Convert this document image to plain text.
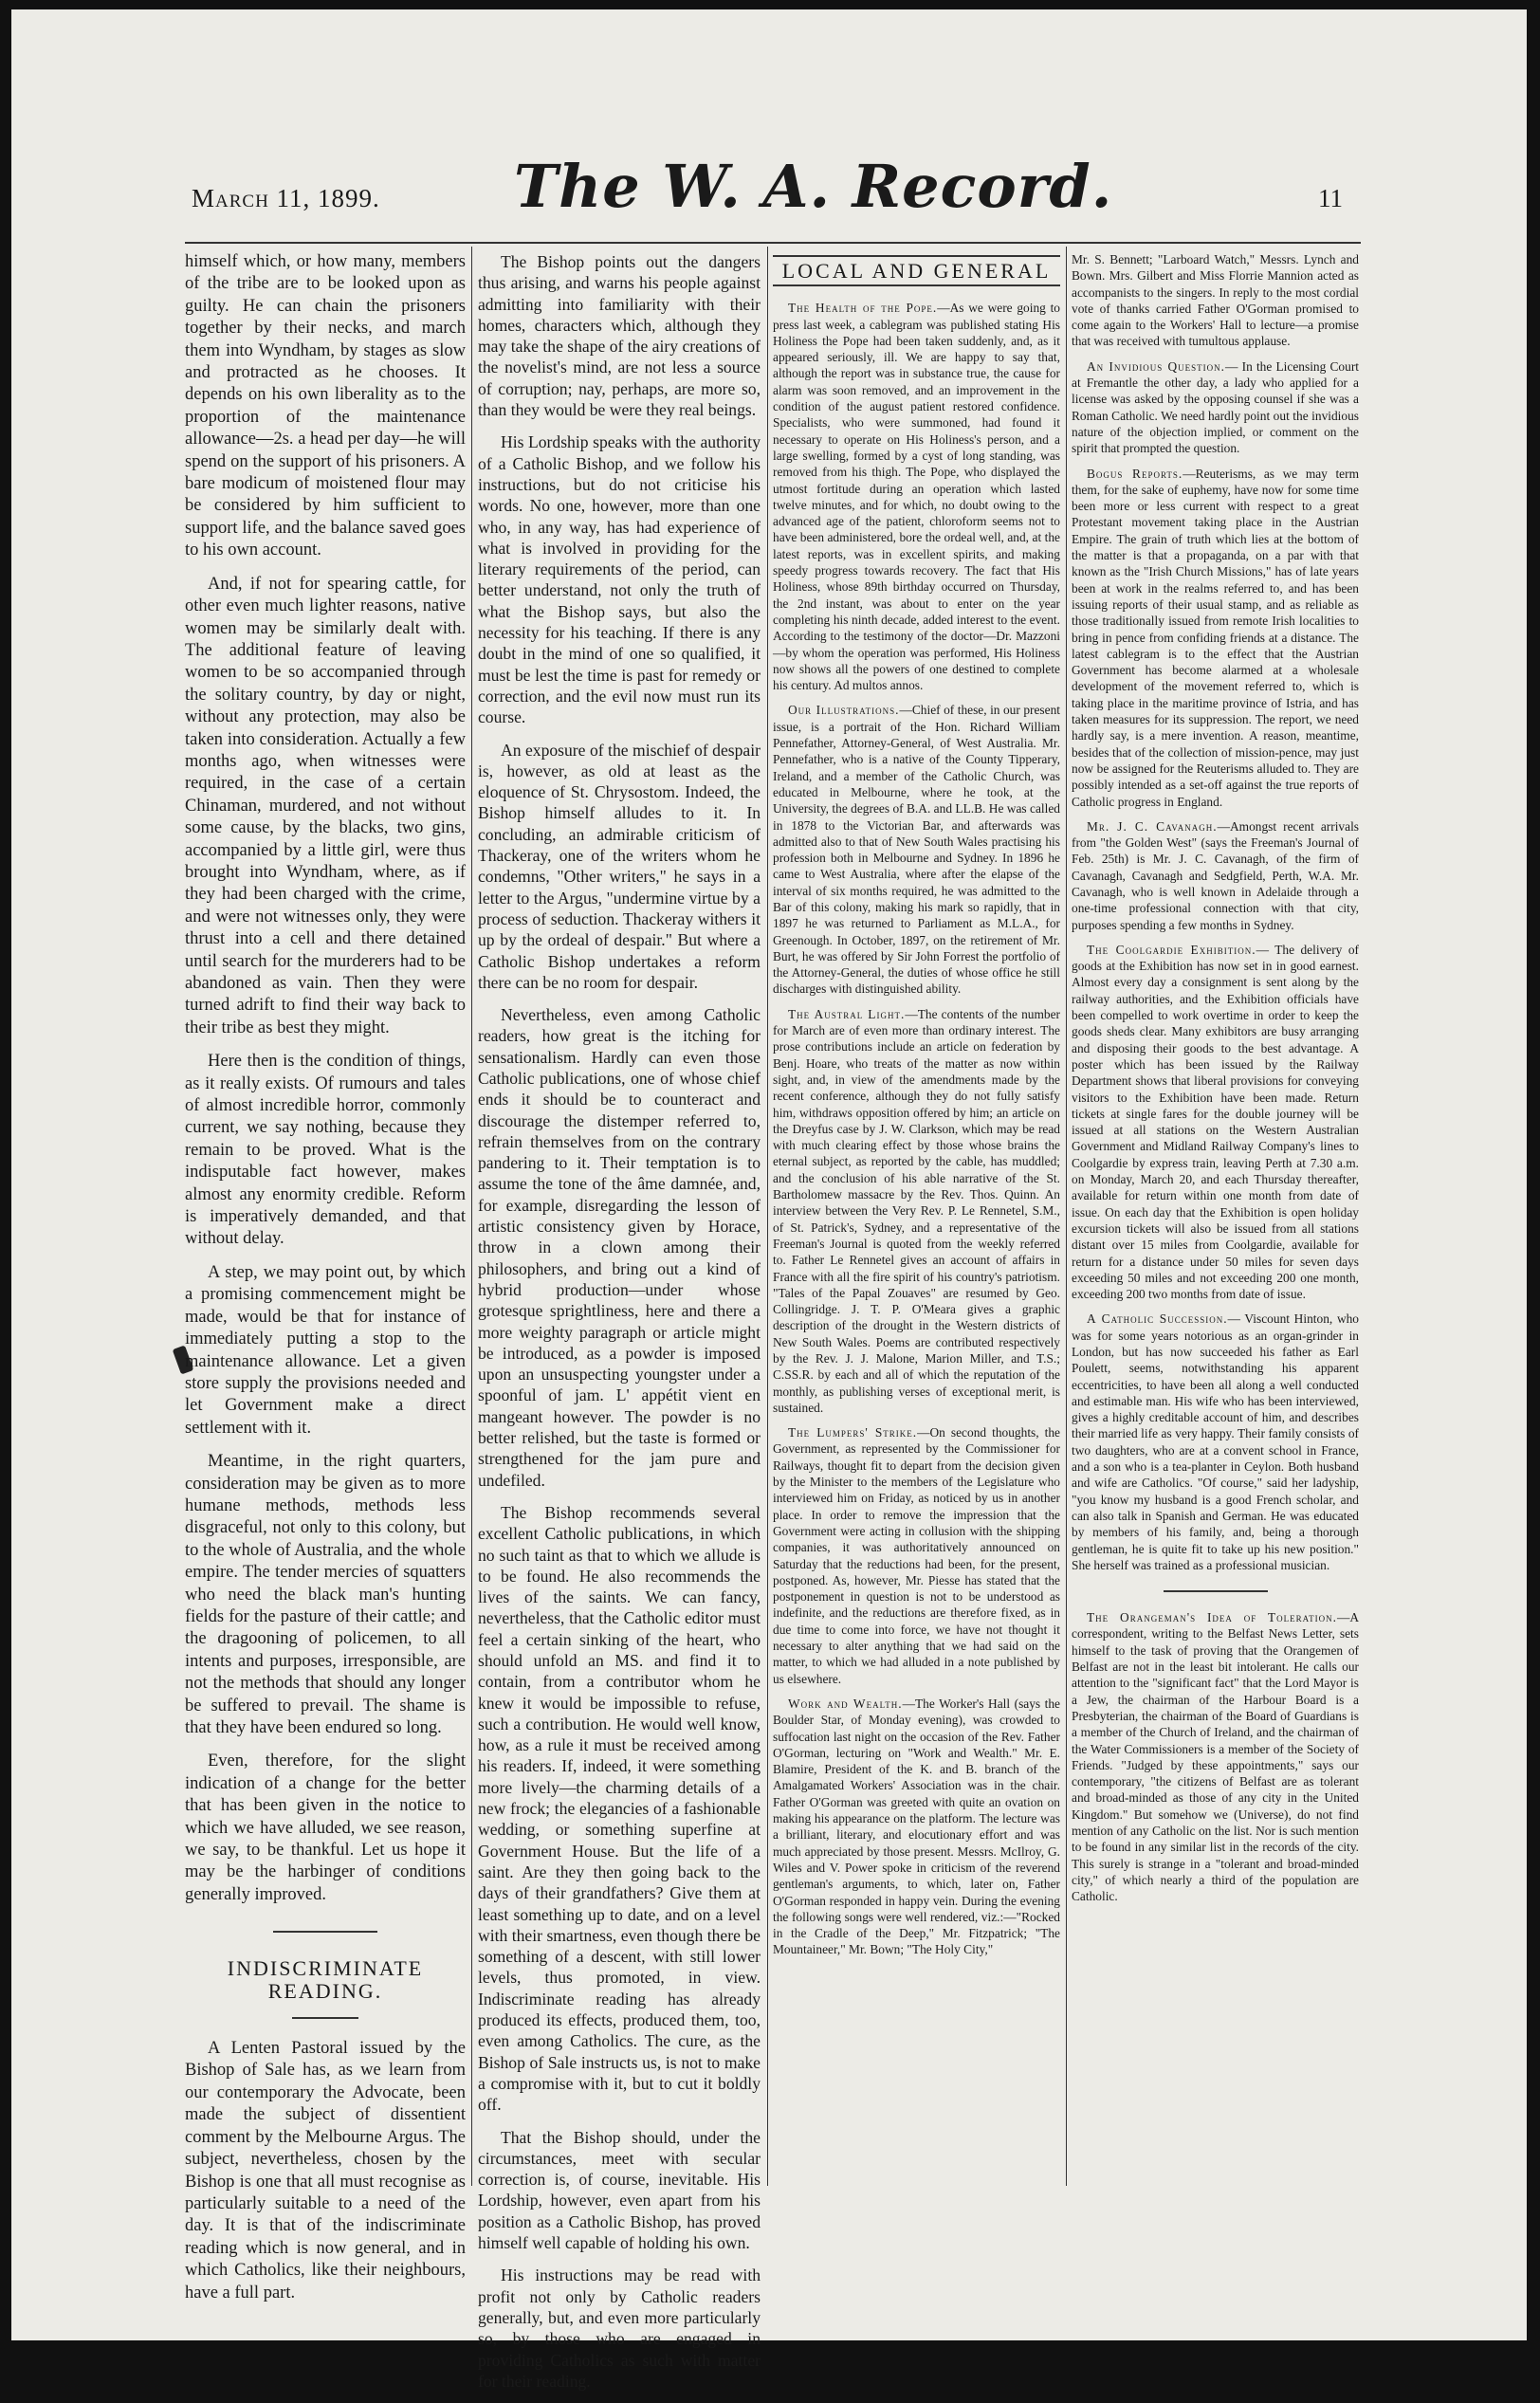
March 11, 1899. The W. A. Record.	11

himself which, or how many, members of the tribe are to be looked upon as guilty. He can chain the prisoners together by their necks, and march them into Wyndham, by stages as slow and protracted as he chooses. It depends on his own liberality as to the proportion of the maintenance allowance—2s. a head per day—he will spend on the support of his prisoners. A bare modicum of moistened flour may be considered by him sufficient to support life, and the balance saved goes to his own account.

And, if not for spearing cattle, for other even much lighter reasons, native women may be similarly dealt with. The additional feature of leaving women to be so accompanied through the solitary country, by day or night, without any protection, may also be taken into consideration. Actually a few months ago, when witnesses were required, in the case of a certain Chinaman, murdered, and not without some cause, by the blacks, two gins, accompanied by a little girl, were thus brought into Wyndham, where, as if they had been charged with the crime, and were not witnesses only, they were thrust into a cell and there detained until search for the murderers had to be abandoned as vain. Then they were turned adrift to find their way back to their tribe as best they might.

Here then is the condition of things, as it really exists. Of rumours and tales of almost incredible horror, commonly current, we say nothing, because they remain to be proved. What is the indisputable fact however, makes almost any enormity credible. Reform is imperatively demanded, and that without delay.

A step, we may point out, by which a promising commencement might be made, would be that for instance of immediately putting a stop to the maintenance allowance. Let a given store supply the provisions needed and let Government make a direct settlement with it.

Meantime, in the right quarters, consideration may be given as to more humane methods, methods less disgraceful, not only to this colony, but to the whole of Australia, and the whole empire. The tender mercies of squatters who need the black man's hunting fields for the pasture of their cattle; and the dragooning of policemen, to all intents and purposes, irresponsible, are not the methods that should any longer be suffered to prevail. The shame is that they have been endured so long.

Even, therefore, for the slight indication of a change for the better that has been given in the notice to which we have alluded, we see reason, we say, to be thankful. Let us hope it may be the harbinger of conditions generally improved.

INDISCRIMINATE READING.

A Lenten Pastoral issued by the Bishop of Sale has, as we learn from our contemporary the Advocate, been made the subject of dissentient comment by the Melbourne Argus. The subject, nevertheless, chosen by the Bishop is one that all must recognise as particularly suitable to a need of the day. It is that of the indiscriminate reading which is now general, and in which Catholics, like their neighbours, have a full part.

The Bishop points out the dangers thus arising, and warns his people against admitting into familiarity with their homes, characters which, although they may take the shape of the airy creations of the novelist's mind, are not less a source of corruption; nay, perhaps, are more so, than they would be were they real beings.

His Lordship speaks with the authority of a Catholic Bishop, and we follow his instructions, but do not criticise his words. No one, however, more than one who, in any way, has had experience of what is involved in providing for the literary requirements of the period, can better understand, not only the truth of what the Bishop says, but also the necessity for his teaching. If there is any doubt in the mind of one so qualified, it must be lest the time is past for remedy or correction, and the evil now must run its course.

An exposure of the mischief of despair is, however, as old at least as the eloquence of St. Chrysostom. Indeed, the Bishop himself alludes to it. In concluding, an admirable criticism of Thackeray, one of the writers whom he condemns, "Other writers," he says in a letter to the Argus, "undermine virtue by a process of seduction. Thackeray withers it up by the ordeal of despair." But where a Catholic Bishop undertakes a reform there can be no room for despair.

Nevertheless, even among Catholic readers, how great is the itching for sensationalism. Hardly can even those Catholic publications, one of whose chief ends it should be to counteract and discourage the distemper referred to, refrain themselves from on the contrary pandering to it. Their temptation is to assume the tone of the âme damnée, and, for example, disregarding the lesson of artistic consistency given by Horace, throw in a clown among their philosophers, and bring out a kind of hybrid production—under whose grotesque sprightliness, here and there a more weighty paragraph or article might be introduced, as a powder is imposed upon an unsuspecting youngster under a spoonful of jam. L' appétit vient en mangeant however. The powder is no better relished, but the taste is formed or strengthened for the jam pure and undefiled.

The Bishop recommends several excellent Catholic publications, in which no such taint as that to which we allude is to be found. He also recommends the lives of the saints. We can fancy, nevertheless, that the Catholic editor must feel a certain sinking of the heart, who should unfold an MS. and find it to contain, from a contributor whom he knew it would be impossible to refuse, such a contribution. He would well know, how, as a rule it must be received among his readers. If, indeed, it were something more lively—the charming details of a new frock; the elegancies of a fashionable wedding, or something superfine at Government House. But the life of a saint. Are they then going back to the days of their grandfathers? Give them at least something up to date, and on a level with their smartness, even though there be something of a descent, with still lower levels, thus promoted, in view. Indiscriminate reading has already produced its effects, produced them, too, even among Catholics. The cure, as the Bishop of Sale instructs us, is not to make a compromise with it, but to cut it boldly off.

That the Bishop should, under the circumstances, meet with secular correction is, of course, inevitable. His Lordship, however, even apart from his position as a Catholic Bishop, has proved himself well capable of holding his own.

His instructions may be read with profit not only by Catholic readers generally, but, and even more particularly so, by those who are engaged in providing Catholics as such with matter for their reading.

LOCAL AND GENERAL

The Health of the Pope.—As we were going to press last week, a cablegram was published stating His Holiness the Pope had been taken suddenly, and, as it appeared seriously, ill. We are happy to say that, although the report was in substance true, the cause for alarm was soon removed, and an improvement in the condition of the august patient restored confidence. Specialists, who were summoned, had found it necessary to operate on His Holiness's person, and a large swelling, formed by a cyst of long standing, was removed from his thigh. The Pope, who displayed the utmost fortitude during an operation which lasted twelve minutes, and for which, no doubt owing to the advanced age of the patient, chloroform seems not to have been administered, bore the ordeal well, and, at the latest reports, was in excellent spirits, and making speedy progress towards recovery. The fact that His Holiness, whose 89th birthday occurred on Thursday, the 2nd instant, was about to enter on the year completing his ninth decade, added interest to the event. According to the testimony of the doctor—Dr. Mazzoni—by whom the operation was performed, His Holiness now shows all the powers of one destined to complete his century. Ad multos annos.

Our Illustrations.—Chief of these, in our present issue, is a portrait of the Hon. Richard William Pennefather, Attorney-General, of West Australia. Mr. Pennefather, who is a native of the County Tipperary, Ireland, and a member of the Catholic Church, was educated in Melbourne, where he took, at the University, the degrees of B.A. and LL.B. He was called in 1878 to the Victorian Bar, and afterwards was admitted also to that of New South Wales practising his profession both in Melbourne and Sydney. In 1896 he came to West Australia, where after the elapse of the interval of six months required, he was admitted to the Bar of this colony, making his mark so rapidly, that in 1897 he was returned to Parliament as M.L.A., for Greenough. In October, 1897, on the retirement of Mr. Burt, he was offered by Sir John Forrest the portfolio of the Attorney-General, the duties of whose office he still discharges with distinguished ability.

The Austral Light.—The contents of the number for March are of even more than ordinary interest. The prose contributions include an article on federation by Benj. Hoare, who treats of the matter as now within sight, and, in view of the amendments made by the recent conference, although they do not fully satisfy him, withdraws opposition offered by him; an article on the Dreyfus case by J. W. Clarkson, which may be read with much clearing effect by those whose brains the eternal subject, as reported by the cable, has muddled; and the conclusion of his able narrative of the St. Bartholomew massacre by the Rev. Thos. Quinn. An interview between the Very Rev. P. Le Rennetel, S.M., of St. Patrick's, Sydney, and a representative of the Freeman's Journal is quoted from the weekly referred to. Father Le Rennetel gives an account of affairs in France with all the fire spirit of his country's patriotism. "Tales of the Papal Zouaves" are resumed by Geo. Collingridge. J. T. P. O'Meara gives a graphic description of the drought in the Western districts of New South Wales. Poems are contributed respectively by the Rev. J. J. Malone, Marion Miller, and T.S.; C.SS.R. by each and all of which the reputation of the monthly, as publishing verses of exceptional merit, is sustained.

The Lumpers' Strike.—On second thoughts, the Government, as represented by the Commissioner for Railways, thought fit to depart from the decision given by the Minister to the members of the Legislature who interviewed him on Friday, as noticed by us in another place. In order to remove the impression that the Government were acting in collusion with the shipping companies, it was authoritatively announced on Saturday that the reductions had been, for the present, postponed. As, however, Mr. Piesse has stated that the postponement in question is not to be understood as indefinite, and the reductions are therefore fixed, as in due time to come into force, we have not thought it necessary to alter anything that we had said on the matter, to which we had alluded in a note published by us elsewhere.

Work and Wealth.—The Worker's Hall (says the Boulder Star, of Monday evening), was crowded to suffocation last night on the occasion of the Rev. Father O'Gorman, lecturing on "Work and Wealth." Mr. E. Blamire, President of the K. and B. branch of the Amalgamated Workers' Association was in the chair. Father O'Gorman was greeted with quite an ovation on making his appearance on the platform. The lecture was a brilliant, literary, and elocutionary effort and was much appreciated by those present. Messrs. McIlroy, G. Wiles and V. Power spoke in criticism of the reverend gentleman's arguments, to which, later on, Father O'Gorman responded in happy vein. During the evening the following songs were well rendered, viz.:—"Rocked in the Cradle of the Deep," Mr. Fitzpatrick; "The Mountaineer," Mr. Bown; "The Holy City,"

Mr. S. Bennett; "Larboard Watch," Messrs. Lynch and Bown. Mrs. Gilbert and Miss Florrie Mannion acted as accompanists to the singers. In reply to the most cordial vote of thanks carried Father O'Gorman promised to come again to the Workers' Hall to lecture—a promise that was received with tumultous applause.

An Invidious Question.— In the Licensing Court at Fremantle the other day, a lady who applied for a license was asked by the opposing counsel if she was a Roman Catholic. We need hardly point out the invidious nature of the objection implied, or comment on the spirit that prompted the question.

Bogus Reports.—Reuterisms, as we may term them, for the sake of euphemy, have now for some time been more or less current with respect to a great Protestant movement taking place in the Austrian Empire. The grain of truth which lies at the bottom of the matter is that a propaganda, on a par with that known as the "Irish Church Missions," has of late years been at work in the realms referred to, and has been issuing reports of their usual stamp, and as reliable as those traditionally issued from remote Irish localities to bring in pence from confiding friends at a distance. The latest cablegram is to the effect that the Austrian Government has become alarmed at a wholesale development of the movement referred to, which is taking place in the maritime province of Istria, and has taken measures for its suppression. The report, we need hardly say, is a mere invention. A reason, meantime, besides that of the collection of mission-pence, may just now be assigned for the Reuterisms alluded to. They are possibly intended as a set-off against the true reports of Catholic progress in England.

Mr. J. C. Cavanagh.—Amongst recent arrivals from "the Golden West" (says the Freeman's Journal of Feb. 25th) is Mr. J. C. Cavanagh, of the firm of Cavanagh, Cavanagh and Sedgfield, Perth, W.A. Mr. Cavanagh, who is well known in Adelaide through a one-time professional connection with that city, purposes spending a few months in Sydney.

The Coolgardie Exhibition.— The delivery of goods at the Exhibition has now set in in good earnest. Almost every day a consignment is sent along by the railway authorities, and the Exhibition officials have been compelled to work overtime in order to keep the goods sheds clear. Many exhibitors are busy arranging and disposing their goods to the best advantage. A poster which has been issued by the Railway Department shows that liberal provisions for conveying visitors to the Exhibition have been made. Return tickets at single fares for the double journey will be issued at all stations on the Western Australian Government and Midland Railway Company's lines to Coolgardie by express train, leaving Perth at 7.30 a.m. on Monday, March 20, and each Thursday thereafter, available for return within one month from date of issue. On each day that the Exhibition is open holiday excursion tickets will also be issued from all stations distant over 15 miles from Coolgardie, available for return for a distance under 50 miles for seven days exceeding 50 miles and not exceeding 200 one month, exceeding 200 two months from date of issue.

A Catholic Succession.— Viscount Hinton, who was for some years notorious as an organ-grinder in London, but has now succeeded his father as Earl Poulett, seems, notwithstanding his apparent eccentricities, to have been all along a well conducted and estimable man. His wife who has been interviewed, gives a highly creditable account of him, and describes their married life as very happy. Their family consists of two daughters, who are at a convent school in France, and a son who is a tea-planter in Ceylon. Both husband and wife are Catholics. "Of course," said her ladyship, "you know my husband is a good French scholar, and can also talk in Spanish and German. He was educated by members of his family, and, being a thorough gentleman, he is quite fit to take up his new position." She herself was trained as a professional musician.

The Orangeman's Idea of Toleration.—A correspondent, writing to the Belfast News Letter, sets himself to the task of proving that the Orangemen of Belfast are not in the least bit intolerant. He calls our attention to the "significant fact" that the Lord Mayor is a Jew, the chairman of the Harbour Board is a Presbyterian, the chairman of the Board of Guardians is a member of the Church of Ireland, and the chairman of the Water Commissioners is a member of the Society of Friends. "Judged by these appointments," says our contemporary, "the citizens of Belfast are as tolerant and broad-minded as those of any city in the United Kingdom." But somehow we (Universe), do not find mention of any Catholic on the list. Nor is such mention to be found in any similar list in the records of the city. This surely is strange in a "tolerant and broad-minded city," of which nearly a third of the population are Catholic.
